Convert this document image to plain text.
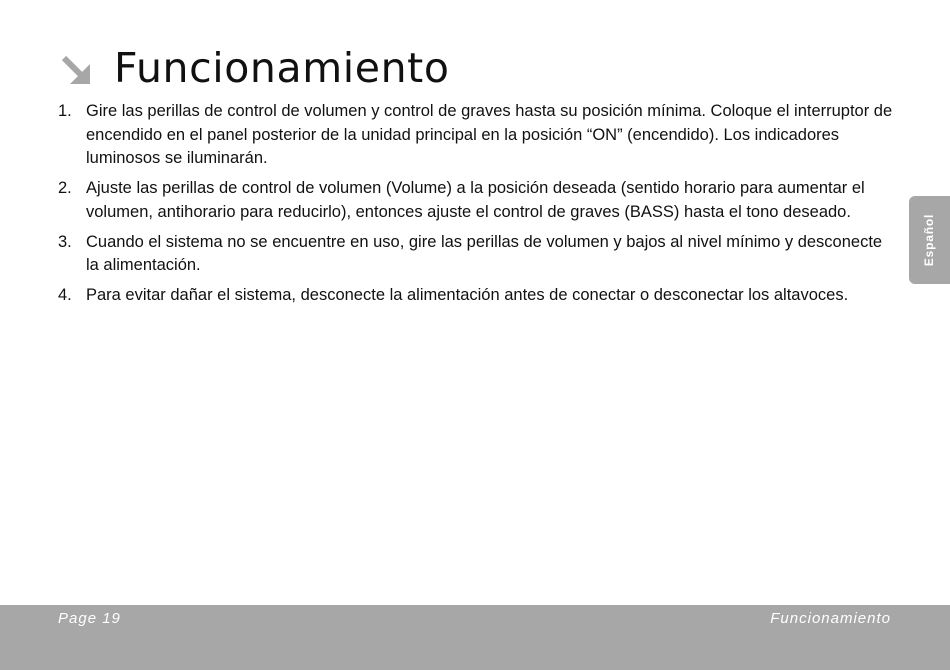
Funcionamiento
1. Gire las perillas de control de volumen y control de graves hasta su posición mínima. Coloque el interruptor de encendido en el panel posterior de la unidad principal en la posición “ON” (encendido). Los indicadores luminosos se iluminarán.
2. Ajuste las perillas de control de volumen (Volume) a la posición deseada (sentido horario para aumentar el volumen, antihorario para reducirlo), entonces ajuste el control de graves (BASS) hasta el tono deseado.
3. Cuando el sistema no se encuentre en uso, gire las perillas de volumen y bajos al nivel mínimo y desconecte la alimentación.
4. Para evitar dañar el sistema, desconecte la alimentación antes de conectar o desconectar los altavoces.
Español
Page 19	Funcionamiento
